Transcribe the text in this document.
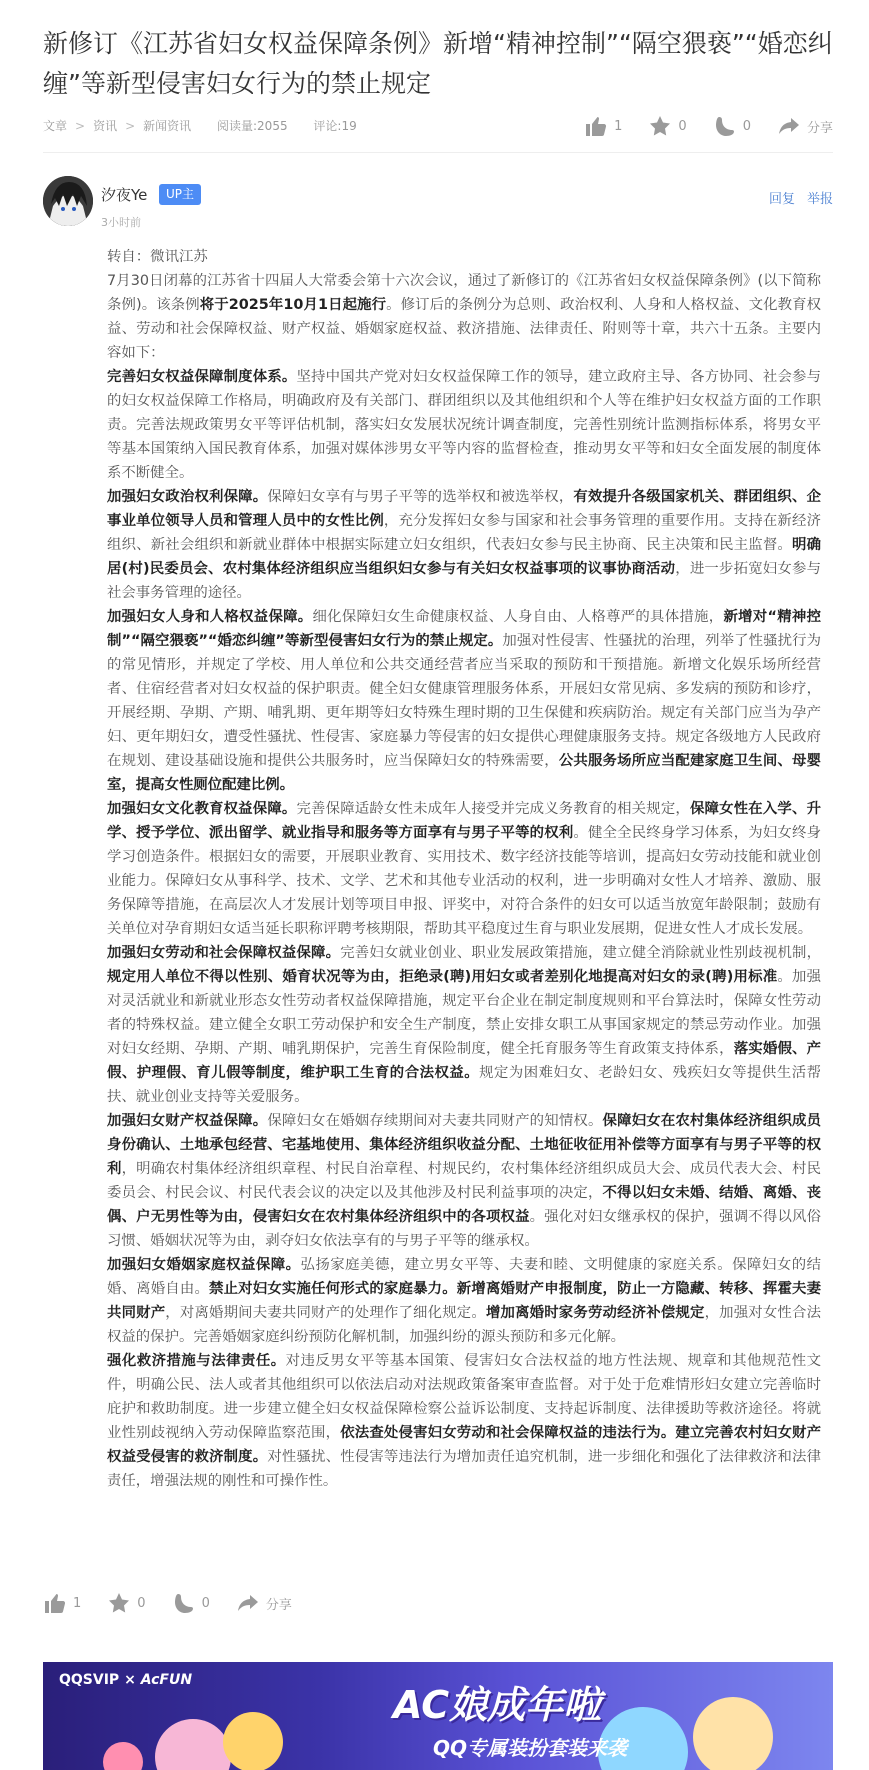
新修订《江苏省妇女权益保障条例》新增“精神控制”“隔空猥亵”“婚恋纠缠”等新型侵害妇女行为的禁止规定
文章 > 资讯 > 新闻资讯 阅读量:2055 评论:19	1	0	0	分享
汐夜Ye	UP主
3小时前
回复 举报

转自：微讯江苏

7月30日闭幕的江苏省十四届人大常委会第十六次会议，通过了新修订的《江苏省妇女权益保障条例》(以下简称条例)。该条例将于2025年10月1日起施行。修订后的条例分为总则、政治权利、人身和人格权益、文化教育权益、劳动和社会保障权益、财产权益、婚姻家庭权益、救济措施、法律责任、附则等十章，共六十五条。主要内容如下：

完善妇女权益保障制度体系。坚持中国共产党对妇女权益保障工作的领导，建立政府主导、各方协同、社会参与的妇女权益保障工作格局，明确政府及有关部门、群团组织以及其他组织和个人等在维护妇女权益方面的工作职责。完善法规政策男女平等评估机制，落实妇女发展状况统计调查制度，完善性别统计监测指标体系，将男女平等基本国策纳入国民教育体系，加强对媒体涉男女平等内容的监督检查，推动男女平等和妇女全面发展的制度体系不断健全。

加强妇女政治权利保障。保障妇女享有与男子平等的选举权和被选举权，有效提升各级国家机关、群团组织、企事业单位领导人员和管理人员中的女性比例，充分发挥妇女参与国家和社会事务管理的重要作用。支持在新经济组织、新社会组织和新就业群体中根据实际建立妇女组织，代表妇女参与民主协商、民主决策和民主监督。明确居(村)民委员会、农村集体经济组织应当组织妇女参与有关妇女权益事项的议事协商活动，进一步拓宽妇女参与社会事务管理的途径。

加强妇女人身和人格权益保障。细化保障妇女生命健康权益、人身自由、人格尊严的具体措施，新增对“精神控制”“隔空猥亵”“婚恋纠缠”等新型侵害妇女行为的禁止规定。加强对性侵害、性骚扰的治理，列举了性骚扰行为的常见情形，并规定了学校、用人单位和公共交通经营者应当采取的预防和干预措施。新增文化娱乐场所经营者、住宿经营者对妇女权益的保护职责。健全妇女健康管理服务体系，开展妇女常见病、多发病的预防和诊疗，开展经期、孕期、产期、哺乳期、更年期等妇女特殊生理时期的卫生保健和疾病防治。规定有关部门应当为孕产妇、更年期妇女，遭受性骚扰、性侵害、家庭暴力等侵害的妇女提供心理健康服务支持。规定各级地方人民政府在规划、建设基础设施和提供公共服务时，应当保障妇女的特殊需要，公共服务场所应当配建家庭卫生间、母婴室，提高女性厕位配建比例。

加强妇女文化教育权益保障。完善保障适龄女性未成年人接受并完成义务教育的相关规定，保障女性在入学、升学、授予学位、派出留学、就业指导和服务等方面享有与男子平等的权利。健全全民终身学习体系，为妇女终身学习创造条件。根据妇女的需要，开展职业教育、实用技术、数字经济技能等培训，提高妇女劳动技能和就业创业能力。保障妇女从事科学、技术、文学、艺术和其他专业活动的权利，进一步明确对女性人才培养、激励、服务保障等措施，在高层次人才发展计划等项目申报、评奖中，对符合条件的妇女可以适当放宽年龄限制；鼓励有关单位对孕育期妇女适当延长职称评聘考核期限，帮助其平稳度过生育与职业发展期，促进女性人才成长发展。

加强妇女劳动和社会保障权益保障。完善妇女就业创业、职业发展政策措施，建立健全消除就业性别歧视机制，规定用人单位不得以性别、婚育状况等为由，拒绝录(聘)用妇女或者差别化地提高对妇女的录(聘)用标准。加强对灵活就业和新就业形态女性劳动者权益保障措施，规定平台企业在制定制度规则和平台算法时，保障女性劳动者的特殊权益。建立健全女职工劳动保护和安全生产制度，禁止安排女职工从事国家规定的禁忌劳动作业。加强对妇女经期、孕期、产期、哺乳期保护，完善生育保险制度，健全托育服务等生育政策支持体系，落实婚假、产假、护理假、育儿假等制度，维护职工生育的合法权益。规定为困难妇女、老龄妇女、残疾妇女等提供生活帮扶、就业创业支持等关爱服务。

加强妇女财产权益保障。保障妇女在婚姻存续期间对夫妻共同财产的知情权。保障妇女在农村集体经济组织成员身份确认、土地承包经营、宅基地使用、集体经济组织收益分配、土地征收征用补偿等方面享有与男子平等的权利，明确农村集体经济组织章程、村民自治章程、村规民约，农村集体经济组织成员大会、成员代表大会、村民委员会、村民会议、村民代表会议的决定以及其他涉及村民利益事项的决定，不得以妇女未婚、结婚、离婚、丧偶、户无男性等为由，侵害妇女在农村集体经济组织中的各项权益。强化对妇女继承权的保护，强调不得以风俗习惯、婚姻状况等为由，剥夺妇女依法享有的与男子平等的继承权。

加强妇女婚姻家庭权益保障。弘扬家庭美德，建立男女平等、夫妻和睦、文明健康的家庭关系。保障妇女的结婚、离婚自由。禁止对妇女实施任何形式的家庭暴力。新增离婚财产申报制度，防止一方隐藏、转移、挥霍夫妻共同财产，对离婚期间夫妻共同财产的处理作了细化规定。增加离婚时家务劳动经济补偿规定，加强对女性合法权益的保护。完善婚姻家庭纠纷预防化解机制，加强纠纷的源头预防和多元化解。

强化救济措施与法律责任。对违反男女平等基本国策、侵害妇女合法权益的地方性法规、规章和其他规范性文件，明确公民、法人或者其他组织可以依法启动对法规政策备案审查监督。对于处于危难情形妇女建立完善临时庇护和救助制度。进一步建立健全妇女权益保障检察公益诉讼制度、支持起诉制度、法律援助等救济途径。将就业性别歧视纳入劳动保障监察范围，依法查处侵害妇女劳动和社会保障权益的违法行为。建立完善农村妇女财产权益受侵害的救济制度。对性骚扰、性侵害等违法行为增加责任追究机制，进一步细化和强化了法律救济和法律责任，增强法规的刚性和可操作性。

1	0	0	分享
QQSVIP × AcFUN
AC娘成年啦
QQ专属装扮套装来袭
